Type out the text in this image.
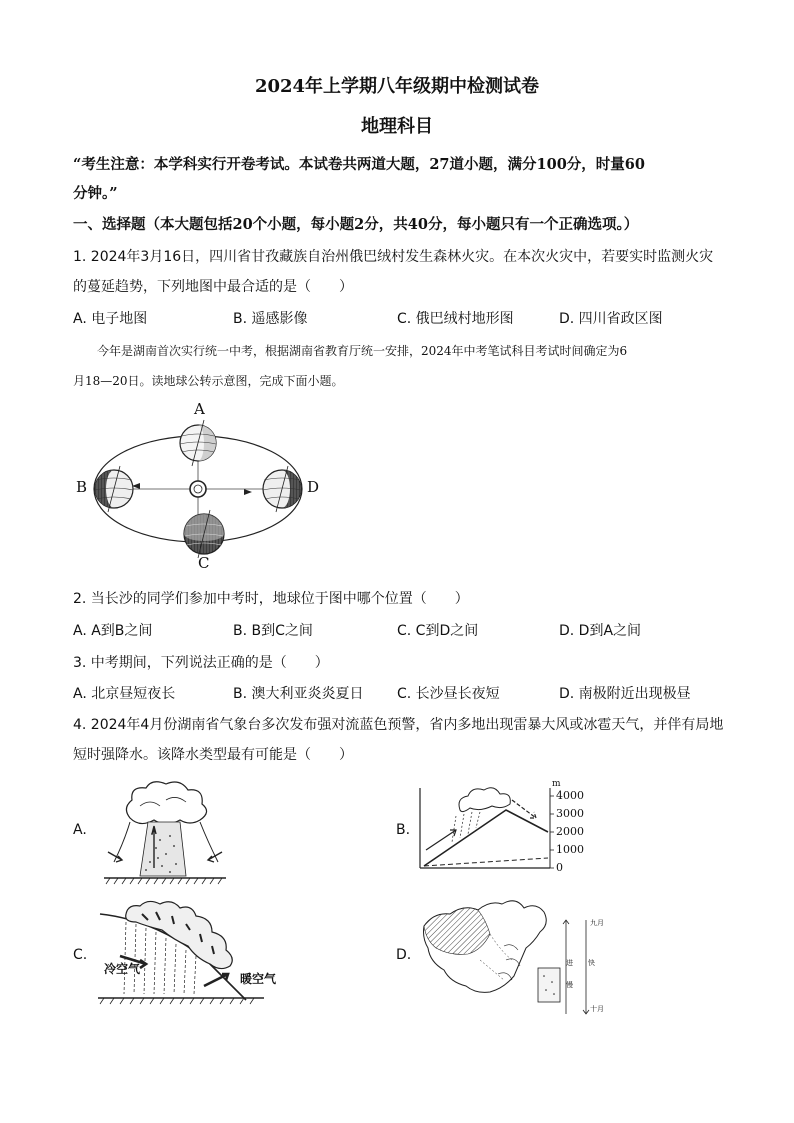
2024年上学期八年级期中检测试卷
地理科目
“考生注意：本学科实行开卷考试。本试卷共两道大题，27道小题，满分100分，时量60
分钟。”
一、选择题（本大题包括20个小题，每小题2分，共40分，每小题只有一个正确选项。）
1. 2024年3月16日，四川省甘孜藏族自治州俄巴绒村发生森林火灾。在本次火灾中，若要实时监测火灾
的蔓延趋势，下列地图中最合适的是（　　）
A. 电子地图	B. 遥感影像	C. 俄巴绒村地形图	D. 四川省政区图
今年是湖南首次实行统一中考，根据湖南省教育厅统一安排，2024年中考笔试科目考试时间确定为6
月18—20日。读地球公转示意图，完成下面小题。
A
B
C
D
2. 当长沙的同学们参加中考时，地球位于图中哪个位置（　　）
A. A到B之间	B. B到C之间	C. C到D之间	D. D到A之间
3. 中考期间，下列说法正确的是（　　）
A. 北京昼短夜长	B. 澳大利亚炎炎夏日 C. 长沙昼长夜短	D. 南极附近出现极昼
4. 2024年4月份湖南省气象台多次发布强对流蓝色预警，省内多地出现雷暴大风或冰雹天气，并伴有局地
短时强降水。该降水类型最有可能是（　　）
A.	B.
C.	D.
m
4000
3000
2000
1000
0
冷空气
暖空气
九月
十月
进
慢
快
